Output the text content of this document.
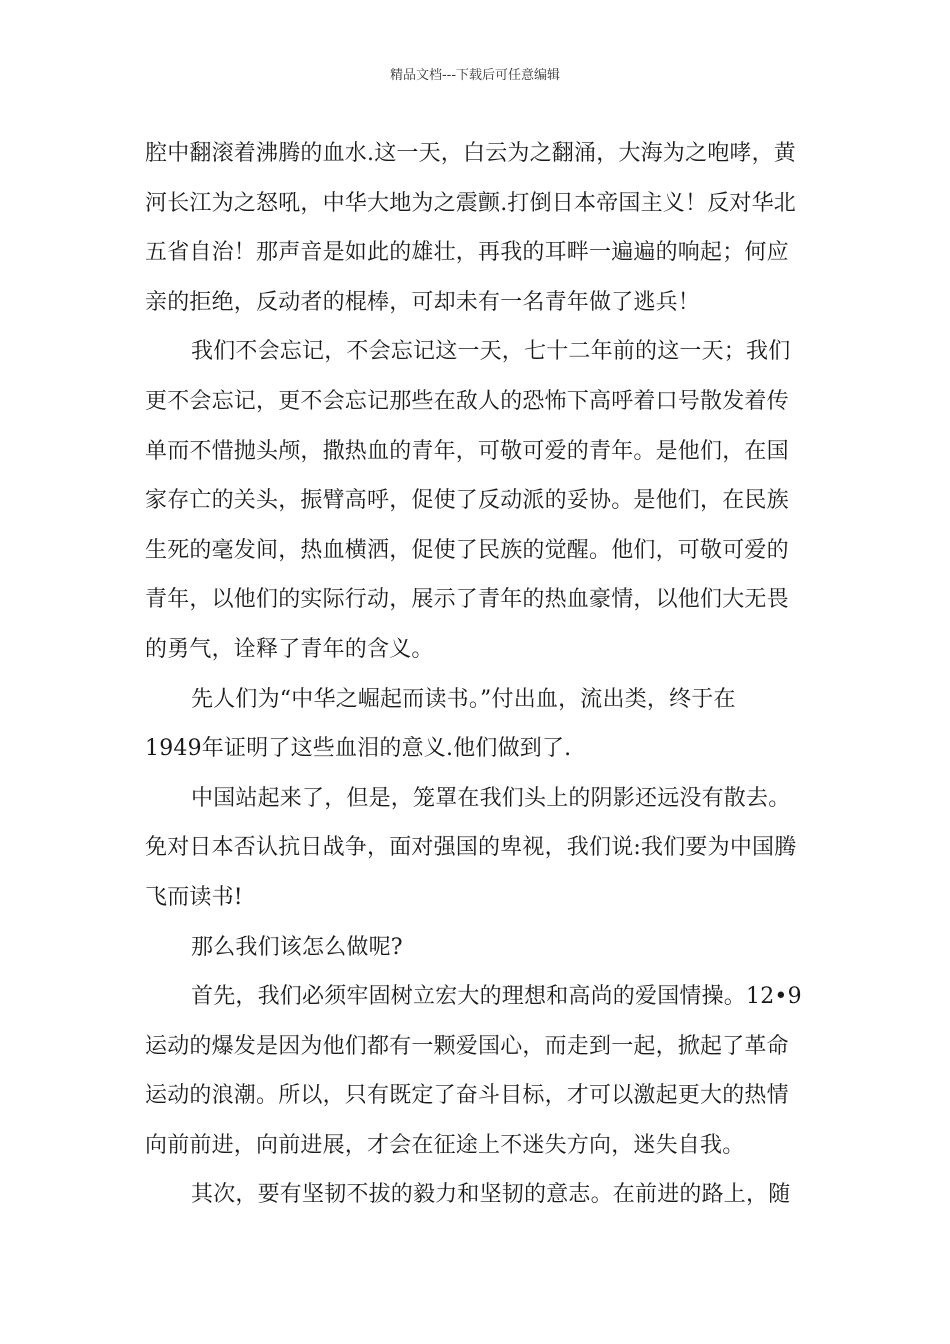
精品文档---下载后可任意编辑
腔中翻滚着沸腾的血水.这一天，白云为之翻涌，大海为之咆哮，黄
河长江为之怒吼，中华大地为之震颤.打倒日本帝国主义！反对华北
五省自治！那声音是如此的雄壮，再我的耳畔一遍遍的响起；何应
亲的拒绝，反动者的棍棒，可却未有一名青年做了逃兵！
我们不会忘记，不会忘记这一天，七十二年前的这一天；我们
更不会忘记，更不会忘记那些在敌人的恐怖下高呼着口号散发着传
单而不惜抛头颅，撒热血的青年，可敬可爱的青年。是他们，在国
家存亡的关头，振臂高呼，促使了反动派的妥协。是他们，在民族
生死的毫发间，热血横洒，促使了民族的觉醒。他们，可敬可爱的
青年，以他们的实际行动，展示了青年的热血豪情，以他们大无畏
的勇气，诠释了青年的含义。
先人们为“中华之崛起而读书。”付出血，流出类，终于在
1949年证明了这些血泪的意义.他们做到了.
中国站起来了，但是，笼罩在我们头上的阴影还远没有散去。
免对日本否认抗日战争，面对强国的卑视，我们说:我们要为中国腾
飞而读书!
那么我们该怎么做呢?
首先，我们必须牢固树立宏大的理想和高尚的爱国情操。12•9
运动的爆发是因为他们都有一颗爱国心，而走到一起，掀起了革命
运动的浪潮。所以，只有既定了奋斗目标，才可以激起更大的热情
向前前进，向前进展，才会在征途上不迷失方向，迷失自我。
其次，要有坚韧不拔的毅力和坚韧的意志。在前进的路上，随
